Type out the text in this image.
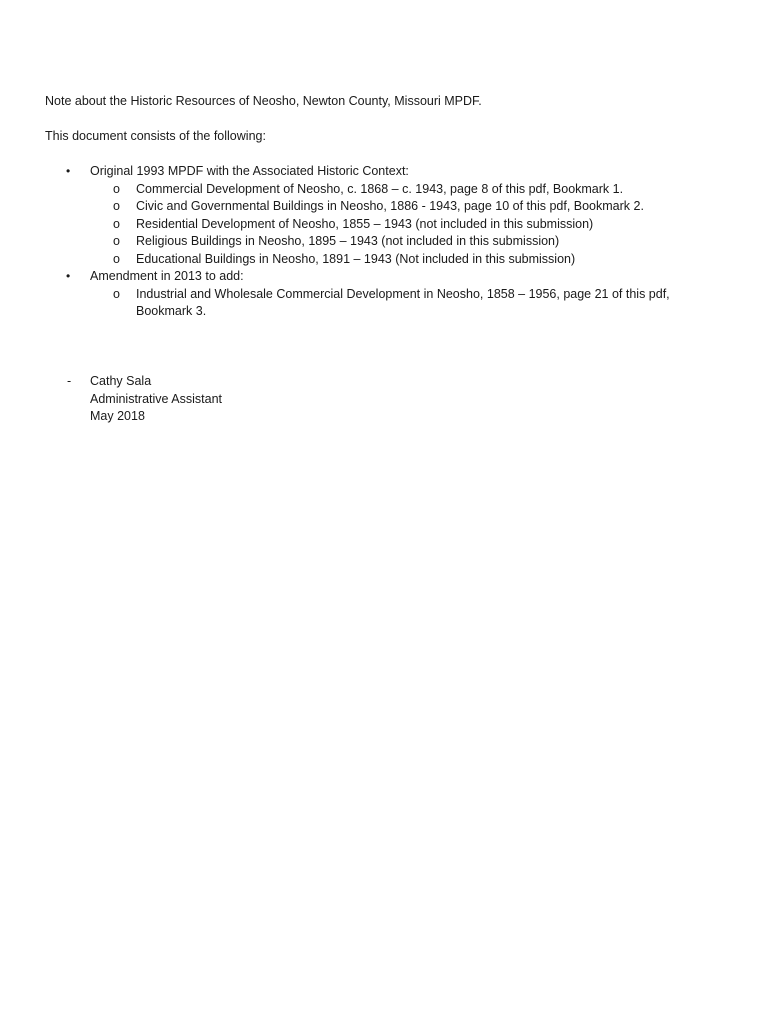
Note about the Historic Resources of Neosho, Newton County, Missouri MPDF.
This document consists of the following:
• Original 1993 MPDF with the Associated Historic Context:
o Commercial Development of Neosho, c. 1868 – c. 1943, page 8 of this pdf, Bookmark 1.
o Civic and Governmental Buildings in Neosho, 1886 - 1943, page 10 of this pdf, Bookmark 2.
o Residential Development of Neosho, 1855 – 1943 (not included in this submission)
o Religious Buildings in Neosho, 1895 – 1943 (not included in this submission)
o Educational Buildings in Neosho, 1891 – 1943 (Not included in this submission)
• Amendment in 2013 to add:
o Industrial and Wholesale Commercial Development in Neosho, 1858 – 1956, page 21 of this pdf,
Bookmark 3.
- Cathy Sala
Administrative Assistant
May 2018
